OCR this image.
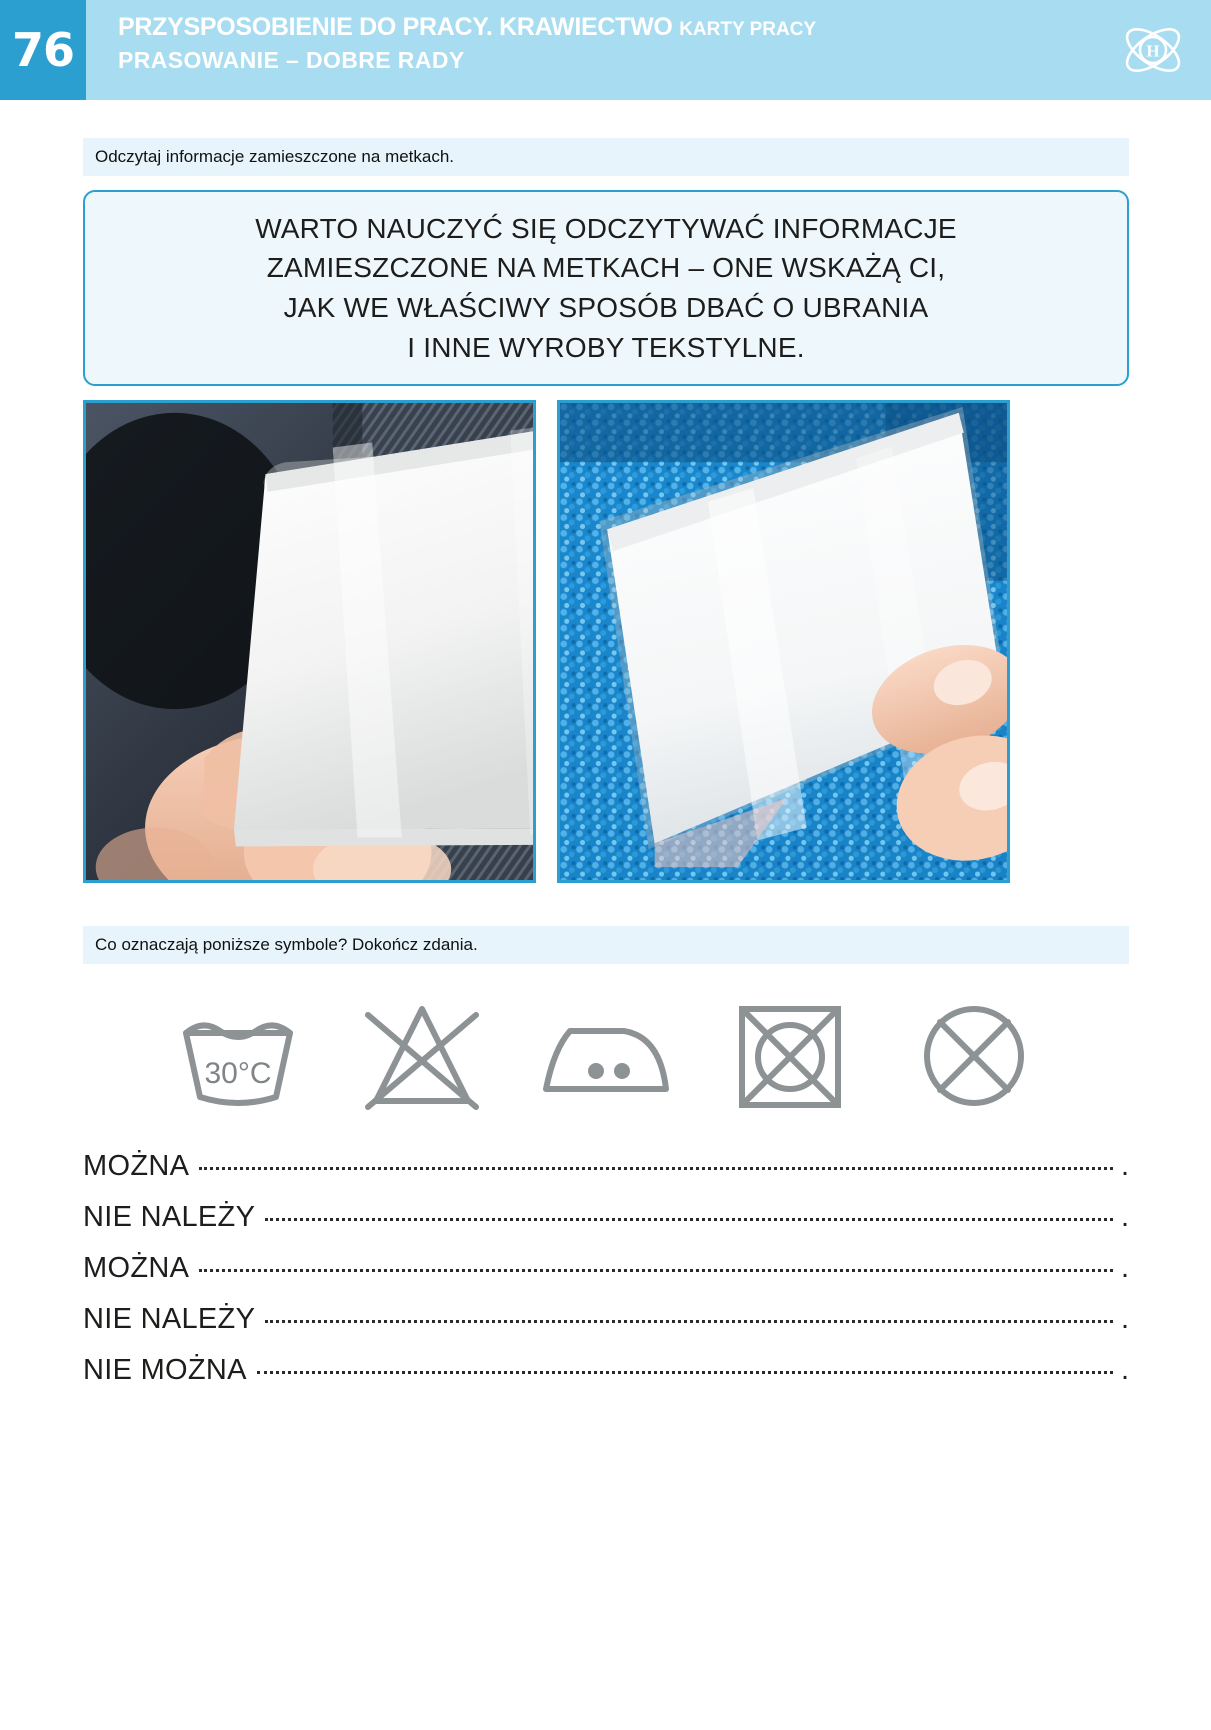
76 PRZYSPOSOBIENIE DO PRACY. KRAWIECTWO KARTY PRACY
PRASOWANIE – DOBRE RADY	H
Odczytaj informacje zamieszczone na metkach.
WARTO NAUCZYĆ SIĘ ODCZYTYWAĆ INFORMACJE
ZAMIESZCZONE NA METKACH – ONE WSKAŻĄ CI,
JAK WE WŁAŚCIWY SPOSÓB DBAĆ O UBRANIA
I INNE WYROBY TEKSTYLNE.
Co oznaczają poniższe symbole? Dokończ zdania.
30°C
MOŻNA	.
NIE NALEŻY	.
MOŻNA	.
NIE NALEŻY	.
NIE MOŻNA	.
